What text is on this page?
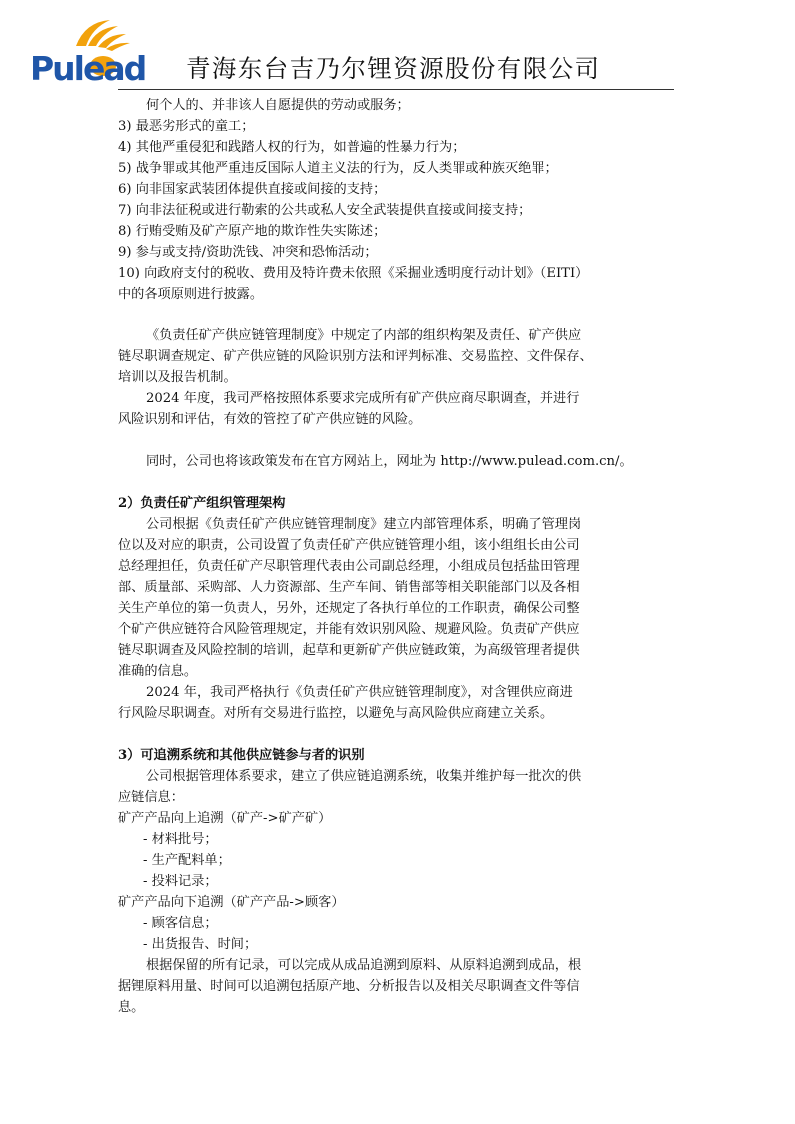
Pulead 青海东台吉乃尔锂资源股份有限公司
何个人的、并非该人自愿提供的劳动或服务；
3) 最恶劣形式的童工；
4) 其他严重侵犯和践踏人权的行为，如普遍的性暴力行为；
5) 战争罪或其他严重违反国际人道主义法的行为，反人类罪或种族灭绝罪；
6) 向非国家武装团体提供直接或间接的支持；
7) 向非法征税或进行勒索的公共或私人安全武装提供直接或间接支持；
8) 行贿受贿及矿产原产地的欺诈性失实陈述；
9) 参与或支持/资助洗钱、冲突和恐怖活动；
10) 向政府支付的税收、费用及特许费未依照《采掘业透明度行动计划》（EITI）
中的各项原则进行披露。
《负责任矿产供应链管理制度》中规定了内部的组织构架及责任、矿产供应
链尽职调查规定、矿产供应链的风险识别方法和评判标准、交易监控、文件保存、
培训以及报告机制。
2024 年度，我司严格按照体系要求完成所有矿产供应商尽职调查，并进行
风险识别和评估，有效的管控了矿产供应链的风险。
同时，公司也将该政策发布在官方网站上，网址为 http://www.pulead.com.cn/。
2）负责任矿产组织管理架构
公司根据《负责任矿产供应链管理制度》建立内部管理体系，明确了管理岗
位以及对应的职责，公司设置了负责任矿产供应链管理小组，该小组组长由公司
总经理担任，负责任矿产尽职管理代表由公司副总经理，小组成员包括盐田管理
部、质量部、采购部、人力资源部、生产车间、销售部等相关职能部门以及各相
关生产单位的第一负责人，另外，还规定了各执行单位的工作职责，确保公司整
个矿产供应链符合风险管理规定，并能有效识别风险、规避风险。负责矿产供应
链尽职调查及风险控制的培训，起草和更新矿产供应链政策，为高级管理者提供
准确的信息。
2024 年，我司严格执行《负责任矿产供应链管理制度》，对含锂供应商进
行风险尽职调查。对所有交易进行监控，以避免与高风险供应商建立关系。
3）可追溯系统和其他供应链参与者的识别
公司根据管理体系要求，建立了供应链追溯系统，收集并维护每一批次的供
应链信息：
矿产产品向上追溯（矿产->矿产矿）
- 材料批号；
- 生产配料单；
- 投料记录；
矿产产品向下追溯（矿产产品->顾客）
- 顾客信息；
- 出货报告、时间；
根据保留的所有记录，可以完成从成品追溯到原料、从原料追溯到成品，根
据锂原料用量、时间可以追溯包括原产地、分析报告以及相关尽职调查文件等信
息。
